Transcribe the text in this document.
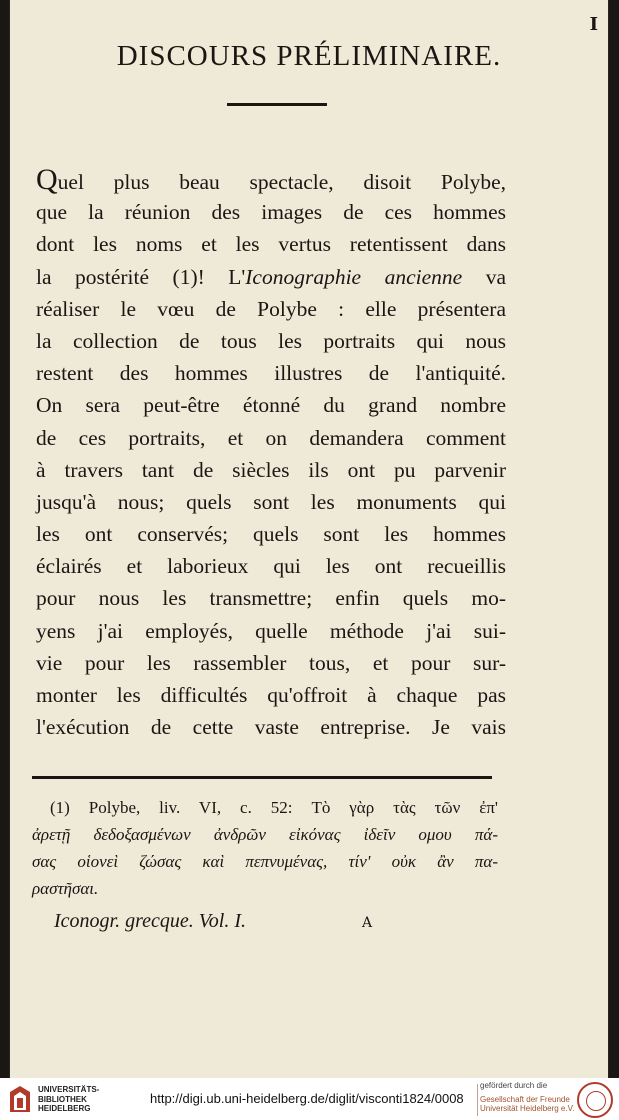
I
DISCOURS PRÉLIMINAIRE.
Quel plus beau spectacle, disoit Polybe,
que la réunion des images de ces hommes
dont les noms et les vertus retentissent dans
la postérité (1)! L'Iconographie ancienne va
réaliser le vœu de Polybe : elle présentera
la collection de tous les portraits qui nous
restent des hommes illustres de l'antiquité.
On sera peut-être étonné du grand nombre
de ces portraits, et on demandera comment
à travers tant de siècles ils ont pu parvenir
jusqu'à nous; quels sont les monuments qui
les ont conservés; quels sont les hommes
éclairés et laborieux qui les ont recueillis
pour nous les transmettre; enfin quels mo-
yens j'ai employés, quelle méthode j'ai sui-
vie pour les rassembler tous, et pour sur-
monter les difficultés qu'offroit à chaque pas
l'exécution de cette vaste entreprise. Je vais
(1) Polybe, liv. VI, c. 52: Τὸ γὰρ τὰς τῶν ἐπ'
ἀρετῇ δεδοξασμένων ἀνδρῶν εἰκόνας ἰδεῖν ομου πά-
σας οἱονεὶ ζώσας καὶ πεπνυμένας, τίν' οὐκ ἂν πα-
ραστῆσαι.
Iconogr. grecque. Vol. I.	A
UNIVERSITÄTS-
BIBLIOTHEK
HEIDELBERG
http://digi.ub.uni-heidelberg.de/diglit/visconti1824/0008
gefördert durch die
Gesellschaft der Freunde
Universität Heidelberg e.V.
